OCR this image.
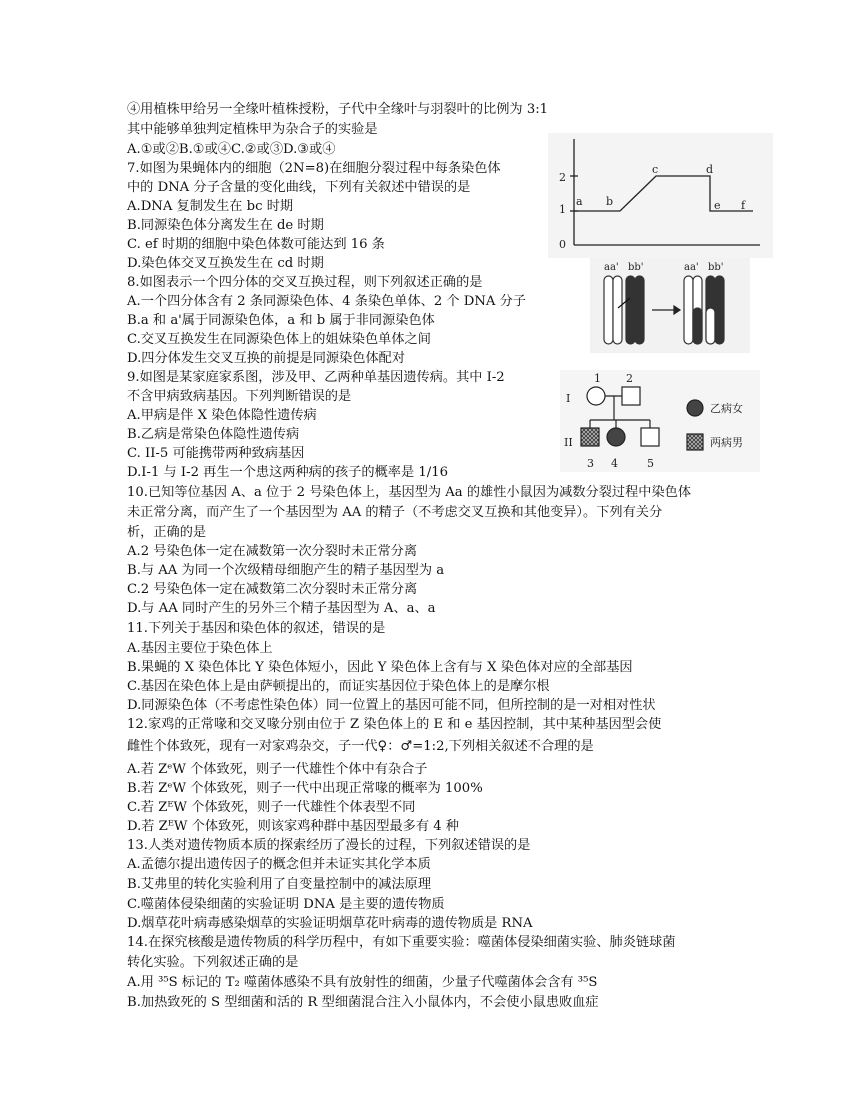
④用植株甲给另一全缘叶植株授粉，子代中全缘叶与羽裂叶的比例为 3:1
其中能够单独判定植株甲为杂合子的实验是
A.①或②B.①或④C.②或③D.③或④
7.如图为果蝇体内的细胞（2N=8)在细胞分裂过程中每条染色体
中的 DNA 分子含量的变化曲线，下列有关叙述中错误的是
A.DNA 复制发生在 bc 时期
B.同源染色体分离发生在 de 时期
C. ef 时期的细胞中染色体数可能达到 16 条
D.染色体交叉互换发生在 cd 时期
8.如图表示一个四分体的交叉互换过程，则下列叙述正确的是
A.一个四分体含有 2 条同源染色体、4 条染色单体、2 个 DNA 分子
B.a 和 a'属于同源染色体，a 和 b 属于非同源染色体
C.交叉互换发生在同源染色体上的姐妹染色单体之间
D.四分体发生交叉互换的前提是同源染色体配对
9.如图是某家庭家系图，涉及甲、乙两种单基因遗传病。其中 I-2
不含甲病致病基因。下列判断错误的是
A.甲病是伴 X 染色体隐性遗传病
B.乙病是常染色体隐性遗传病
C. II-5 可能携带两种致病基因
D.I-1 与 I-2 再生一个患这两种病的孩子的概率是 1/16
10.已知等位基因 A、a 位于 2 号染色体上，基因型为 Aa 的雄性小鼠因为减数分裂过程中染色体
未正常分离，而产生了一个基因型为 AA 的精子（不考虑交叉互换和其他变异）。下列有关分
析，正确的是
A.2 号染色体一定在减数第一次分裂时未正常分离
B.与 AA 为同一个次级精母细胞产生的精子基因型为 a
C.2 号染色体一定在减数第二次分裂时未正常分离
D.与 AA 同时产生的另外三个精子基因型为 A、a、a
11.下列关于基因和染色体的叙述，错误的是
A.基因主要位于染色体上
B.果蝇的 X 染色体比 Y 染色体短小，因此 Y 染色体上含有与 X 染色体对应的全部基因
C.基因在染色体上是由萨顿提出的，而证实基因位于染色体上的是摩尔根
D.同源染色体（不考虑性染色体）同一位置上的基因可能不同，但所控制的是一对相对性状
12.家鸡的正常喙和交叉喙分别由位于 Z 染色体上的 E 和 e 基因控制，其中某种基因型会使
雌性个体致死，现有一对家鸡杂交，子一代♀：♂=1:2,下列相关叙述不合理的是
A.若 ZᵉW 个体致死，则子一代雄性个体中有杂合子
B.若 ZᵉW 个体致死，则子一代中出现正常喙的概率为 100%
C.若 ZᴱW 个体致死，则子一代雄性个体表型不同
D.若 ZᴱW 个体致死，则该家鸡种群中基因型最多有 4 种
13.人类对遗传物质本质的探索经历了漫长的过程，下列叙述错误的是
A.孟德尔提出遗传因子的概念但并未证实其化学本质
B.艾弗里的转化实验利用了自变量控制中的减法原理
C.噬菌体侵染细菌的实验证明 DNA 是主要的遗传物质
D.烟草花叶病毒感染烟草的实验证明烟草花叶病毒的遗传物质是 RNA
14.在探究核酸是遗传物质的科学历程中，有如下重要实验：噬菌体侵染细菌实验、肺炎链球菌
转化实验。下列叙述正确的是
A.用 ³⁵S 标记的 T₂ 噬菌体感染不具有放射性的细菌，少量子代噬菌体会含有 ³⁵S
B.加热致死的 S 型细菌和活的 R 型细菌混合注入小鼠体内，不会使小鼠患败血症
2
1
0
a b
c	d
e f
aa' bb'	aa' bb'
I
II
1 2
3 4	5
乙病女
两病男
